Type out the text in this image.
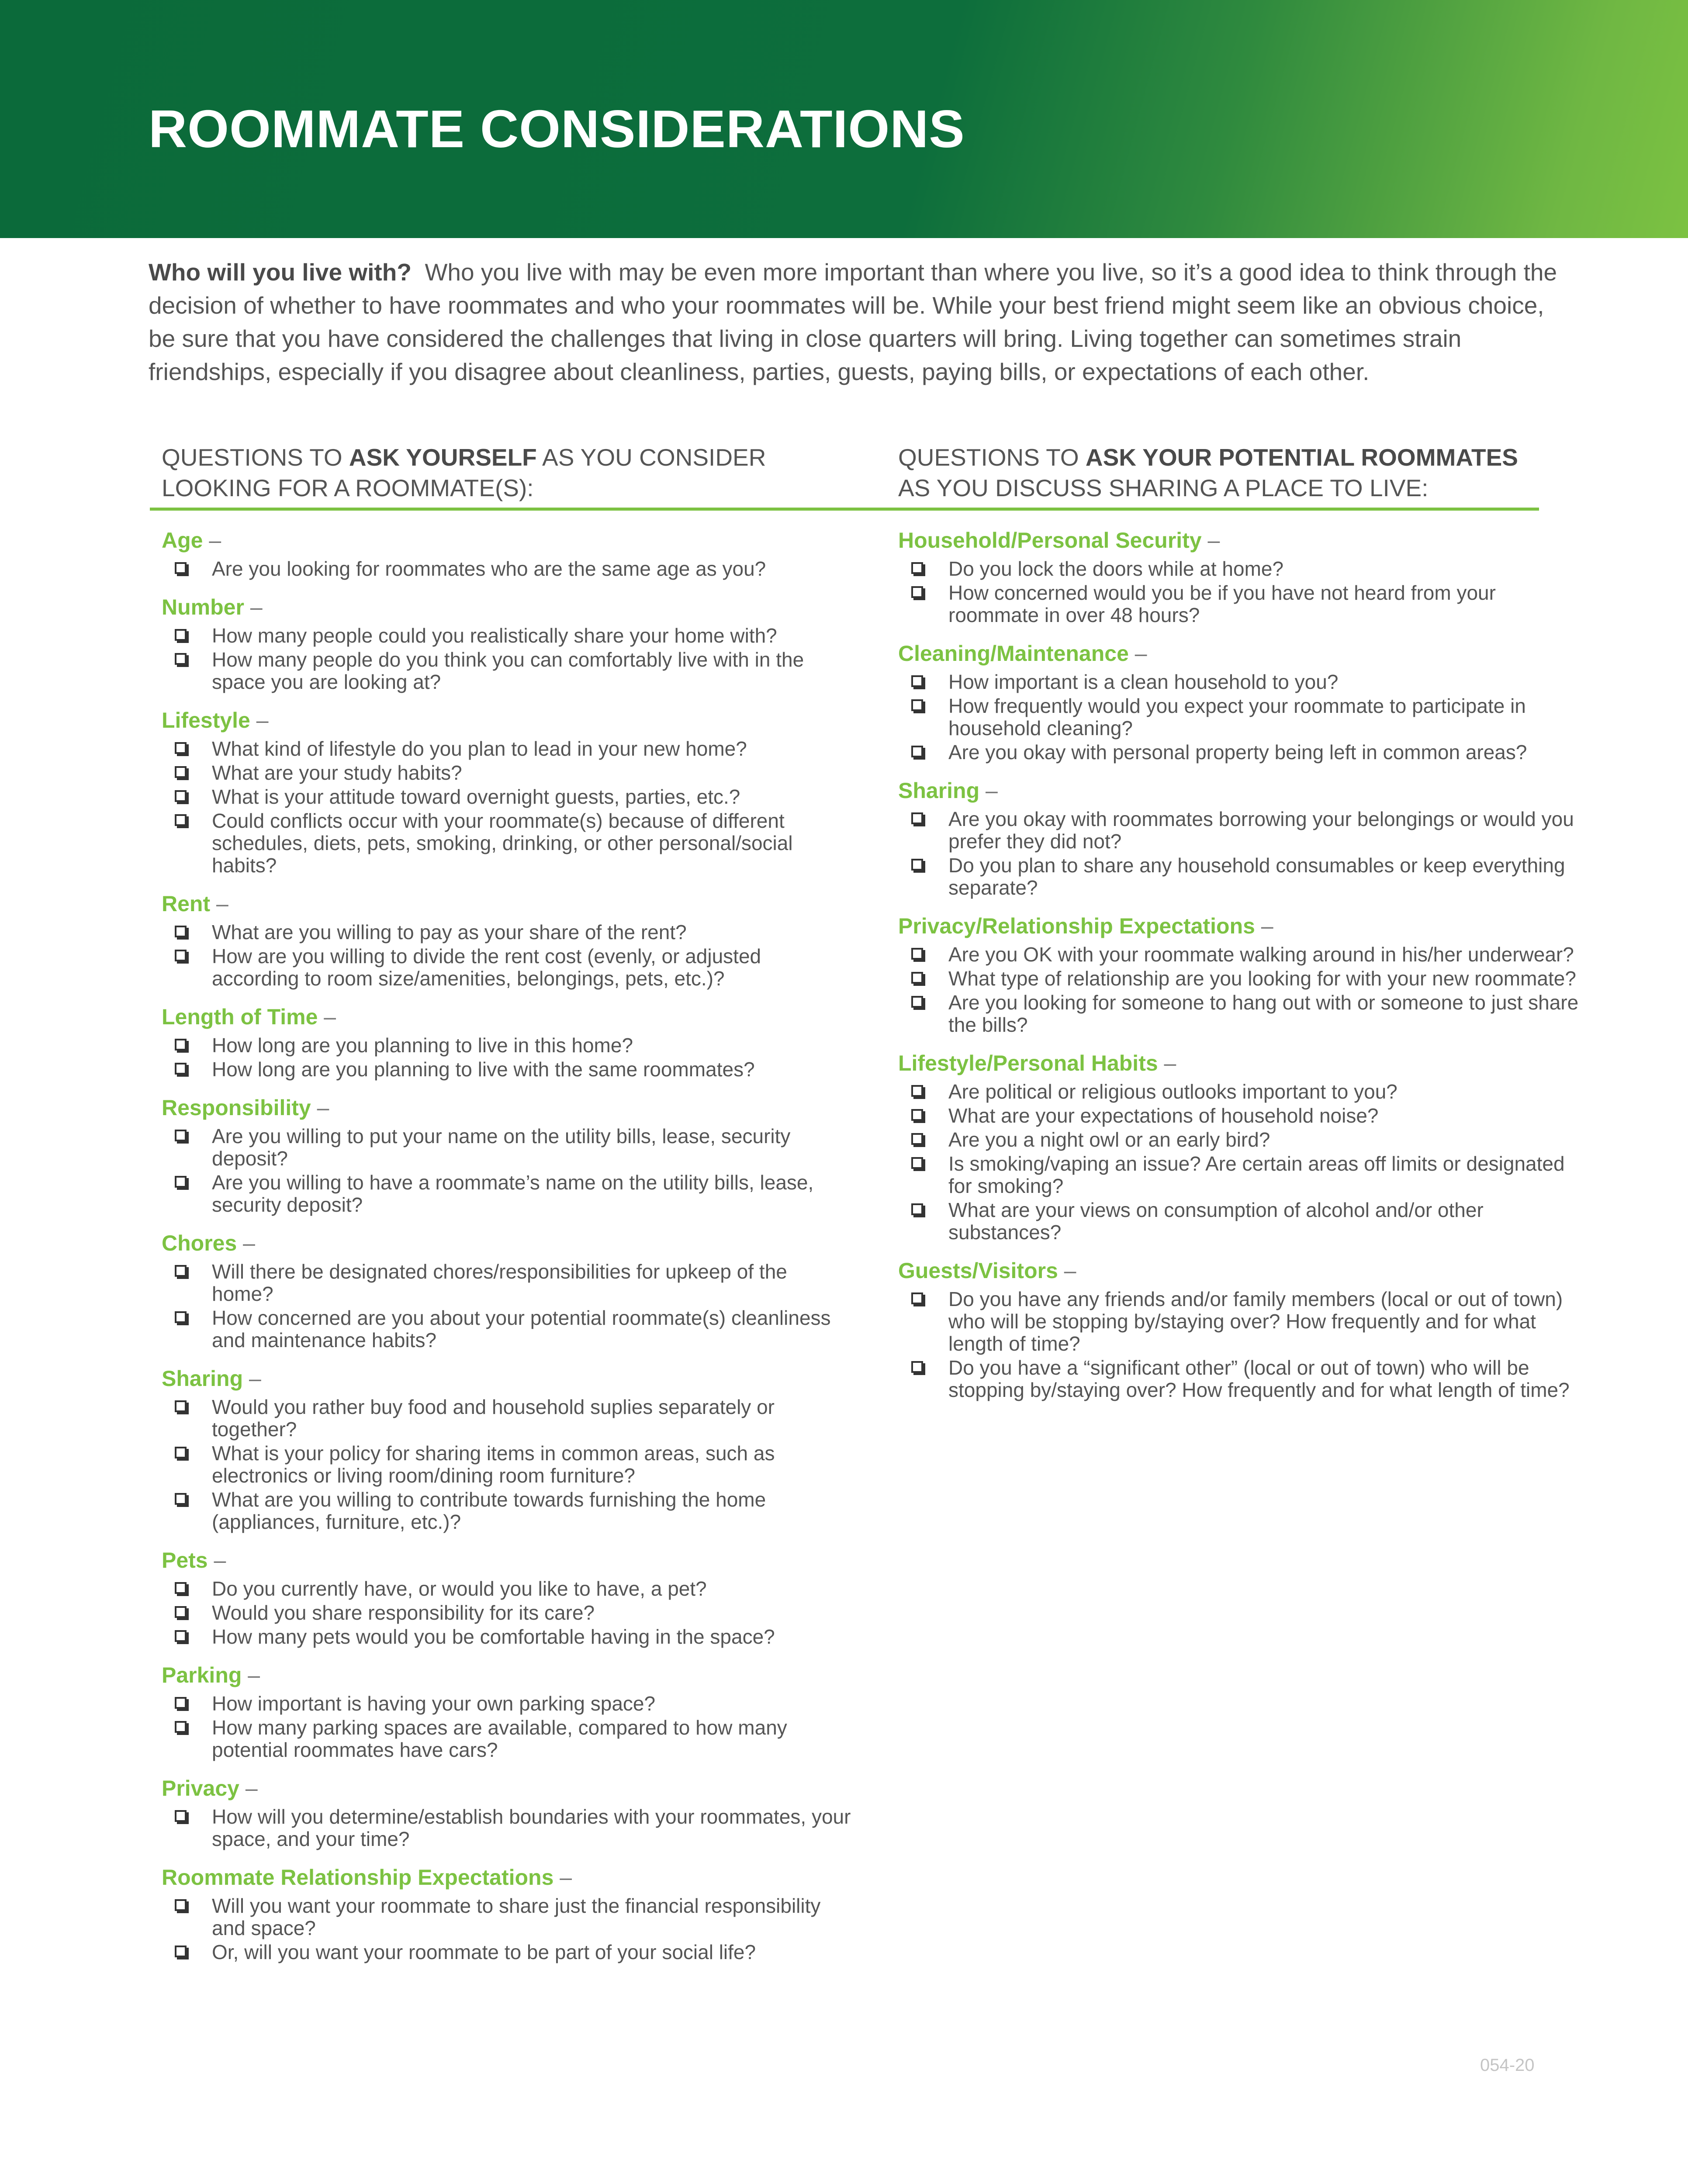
ROOMMATE CONSIDERATIONS

Who will you live with? Who you live with may be even more important than where you live, so it’s a good idea to think through the decision of whether to have roommates and who your roommates will be. While your best friend might seem like an obvious choice, be sure that you have considered the challenges that living in close quarters will bring. Living together can sometimes strain friendships, especially if you disagree about cleanliness, parties, guests, paying bills, or expectations of each other.

QUESTIONS TO ASK YOURSELF AS YOU CONSIDER LOOKING FOR A ROOMMATE(S):
QUESTIONS TO ASK YOUR POTENTIAL ROOMMATES AS YOU DISCUSS SHARING A PLACE TO LIVE:
Age –
Are you looking for roommates who are the same age as you?
Number –
How many people could you realistically share your home with?
How many people do you think you can comfortably live with in the space you are looking at?
Lifestyle –
What kind of lifestyle do you plan to lead in your new home?
What are your study habits?
What is your attitude toward overnight guests, parties, etc.?
Could conflicts occur with your roommate(s) because of different schedules, diets, pets, smoking, drinking, or other personal/social habits?
Rent –
What are you willing to pay as your share of the rent?
How are you willing to divide the rent cost (evenly, or adjusted according to room size/amenities, belongings, pets, etc.)?
Length of Time –
How long are you planning to live in this home?
How long are you planning to live with the same roommates?
Responsibility –
Are you willing to put your name on the utility bills, lease, security deposit?
Are you willing to have a roommate’s name on the utility bills, lease, security deposit?
Chores –
Will there be designated chores/responsibilities for upkeep of the home?
How concerned are you about your potential roommate(s) cleanliness and maintenance habits?
Sharing –
Would you rather buy food and household suplies separately or together?
What is your policy for sharing items in common areas, such as electronics or living room/dining room furniture?
What are you willing to contribute towards furnishing the home (appliances, furniture, etc.)?
Pets –
Do you currently have, or would you like to have, a pet?
Would you share responsibility for its care?
How many pets would you be comfortable having in the space?
Parking –
How important is having your own parking space?
How many parking spaces are available, compared to how many potential roommates have cars?
Privacy –
How will you determine/establish boundaries with your roommates, your space, and your time?
Roommate Relationship Expectations –
Will you want your roommate to share just the financial responsibility and space?
Or, will you want your roommate to be part of your social life?
Household/Personal Security –
Do you lock the doors while at home?
How concerned would you be if you have not heard from your roommate in over 48 hours?
Cleaning/Maintenance –
How important is a clean household to you?
How frequently would you expect your roommate to participate in household cleaning?
Are you okay with personal property being left in common areas?
Sharing –
Are you okay with roommates borrowing your belongings or would you prefer they did not?
Do you plan to share any household consumables or keep everything separate?
Privacy/Relationship Expectations –
Are you OK with your roommate walking around in his/her underwear?
What type of relationship are you looking for with your new roommate?
Are you looking for someone to hang out with or someone to just share the bills?
Lifestyle/Personal Habits –
Are political or religious outlooks important to you?
What are your expectations of household noise?
Are you a night owl or an early bird?
Is smoking/vaping an issue? Are certain areas off limits or designated for smoking?
What are your views on consumption of alcohol and/or other substances?
Guests/Visitors –
Do you have any friends and/or family members (local or out of town) who will be stopping by/staying over? How frequently and for what length of time?
Do you have a “significant other” (local or out of town) who will be stopping by/staying over? How frequently and for what length of time?
054-20
